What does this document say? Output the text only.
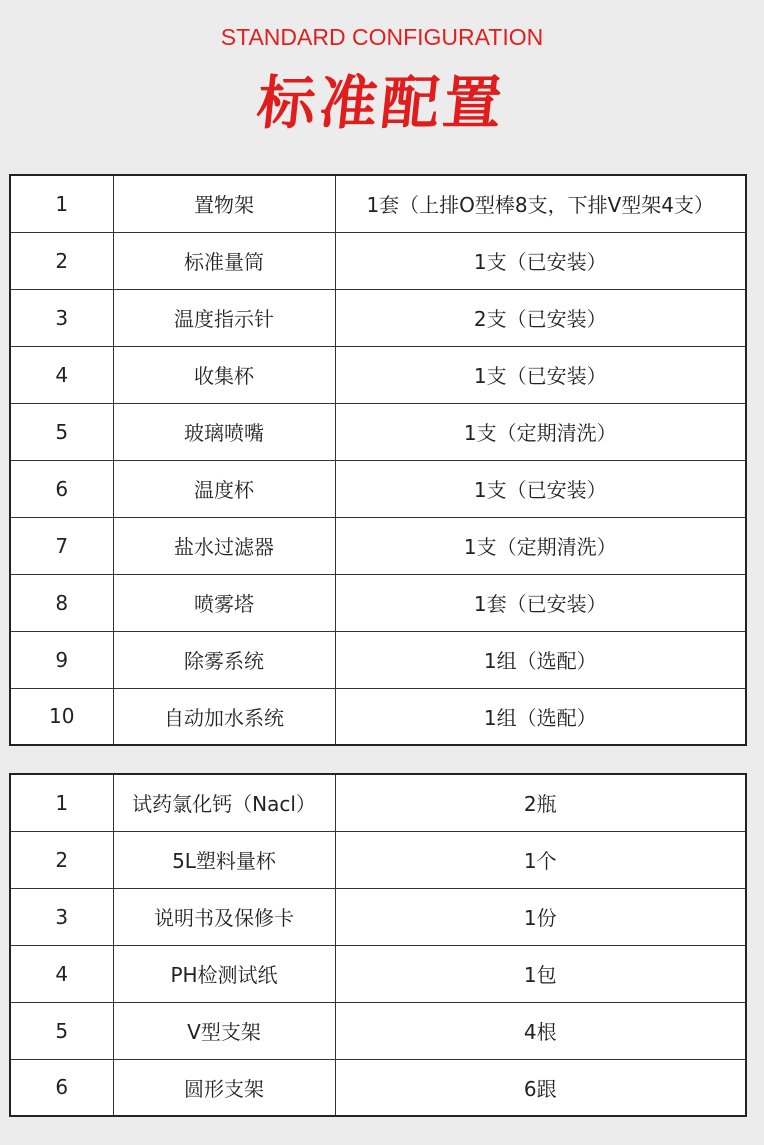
STANDARD CONFIGURATION
标准配置
1	置物架	1套（上排O型棒8支，下排V型架4支）
2	标准量筒	1支（已安装）
3	温度指示针	2支（已安装）
4	收集杯	1支（已安装）
5	玻璃喷嘴	1支（定期清洗）
6	温度杯	1支（已安装）
7	盐水过滤器	1支（定期清洗）
8	喷雾塔	1套（已安装）
9	除雾系统	1组（选配）
10	自动加水系统	1组（选配）
1	试药氯化钙（Nacl）	2瓶
2	5L塑料量杯	1个
3	说明书及保修卡	1份
4	PH检测试纸	1包
5	V型支架	4根
6	圆形支架	6跟
